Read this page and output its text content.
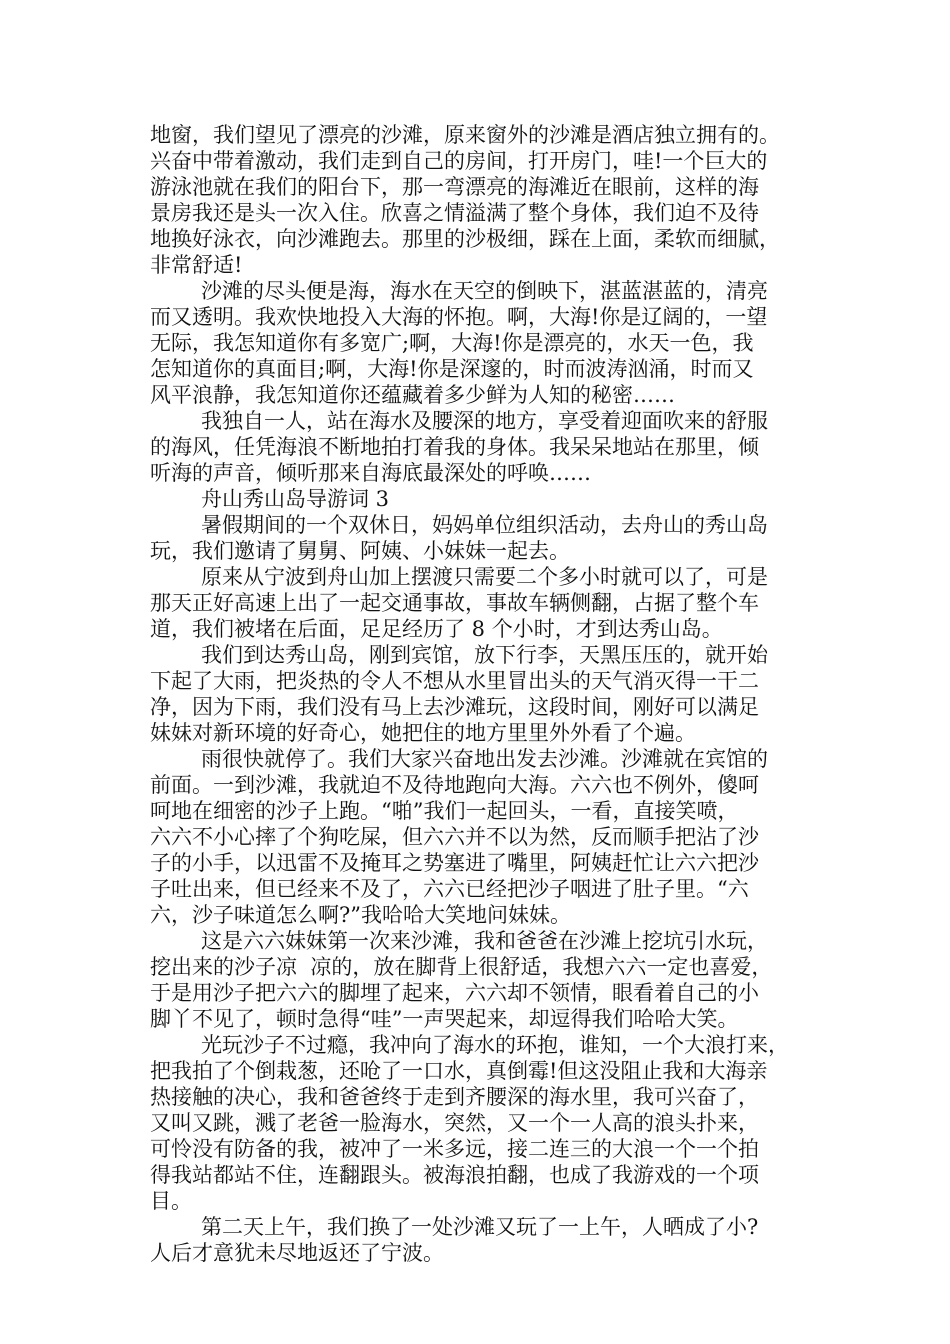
地窗，我们望见了漂亮的沙滩，原来窗外的沙滩是酒店独立拥有的。
兴奋中带着激动，我们走到自己的房间，打开房门，哇!一个巨大的
游泳池就在我们的阳台下，那一弯漂亮的海滩近在眼前，这样的海
景房我还是头一次入住。欣喜之情溢满了整个身体，我们迫不及待
地换好泳衣，向沙滩跑去。那里的沙极细，踩在上面，柔软而细腻，
非常舒适!
沙滩的尽头便是海，海水在天空的倒映下，湛蓝湛蓝的，清亮
而又透明。我欢快地投入大海的怀抱。啊，大海!你是辽阔的，一望
无际，我怎知道你有多宽广;啊，大海!你是漂亮的，水天一色，我
怎知道你的真面目;啊，大海!你是深邃的，时而波涛汹涌，时而又
风平浪静，我怎知道你还蕴藏着多少鲜为人知的秘密……
我独自一人，站在海水及腰深的地方，享受着迎面吹来的舒服
的海风，任凭海浪不断地拍打着我的身体。我呆呆地站在那里，倾
听海的声音，倾听那来自海底最深处的呼唤……
舟山秀山岛导游词 3
暑假期间的一个双休日，妈妈单位组织活动，去舟山的秀山岛
玩，我们邀请了舅舅、阿姨、小妹妹一起去。
原来从宁波到舟山加上摆渡只需要二个多小时就可以了，可是
那天正好高速上出了一起交通事故，事故车辆侧翻，占据了整个车
道，我们被堵在后面，足足经历了 8 个小时，才到达秀山岛。
我们到达秀山岛，刚到宾馆，放下行李，天黑压压的，就开始
下起了大雨，把炎热的令人不想从水里冒出头的天气消灭得一干二
净，因为下雨，我们没有马上去沙滩玩，这段时间，刚好可以满足
妹妹对新环境的好奇心，她把住的地方里里外外看了个遍。
雨很快就停了。我们大家兴奋地出发去沙滩。沙滩就在宾馆的
前面。一到沙滩，我就迫不及待地跑向大海。六六也不例外，傻呵
呵地在细密的沙子上跑。“啪”我们一起回头，一看，直接笑喷，
六六不小心摔了个狗吃屎，但六六并不以为然，反而顺手把沾了沙
子的小手，以迅雷不及掩耳之势塞进了嘴里，阿姨赶忙让六六把沙
子吐出来，但已经来不及了，六六已经把沙子咽进了肚子里。“六
六，沙子味道怎么啊?”我哈哈大笑地问妹妹。
这是六六妹妹第一次来沙滩，我和爸爸在沙滩上挖坑引水玩，
挖出来的沙子凉  凉的，放在脚背上很舒适，我想六六一定也喜爱，
于是用沙子把六六的脚埋了起来，六六却不领情，眼看着自己的小
脚丫不见了，顿时急得“哇”一声哭起来，却逗得我们哈哈大笑。
光玩沙子不过瘾，我冲向了海水的环抱，谁知，一个大浪打来，
把我拍了个倒栽葱，还呛了一口水，真倒霉!但这没阻止我和大海亲
热接触的决心，我和爸爸终于走到齐腰深的海水里，我可兴奋了，
又叫又跳，溅了老爸一脸海水，突然，又一个一人高的浪头扑来，
可怜没有防备的我，被冲了一米多远，接二连三的大浪一个一个拍
得我站都站不住，连翻跟头。被海浪拍翻，也成了我游戏的一个项
目。
第二天上午，我们换了一处沙滩又玩了一上午，人晒成了小?
人后才意犹未尽地返还了宁波。
